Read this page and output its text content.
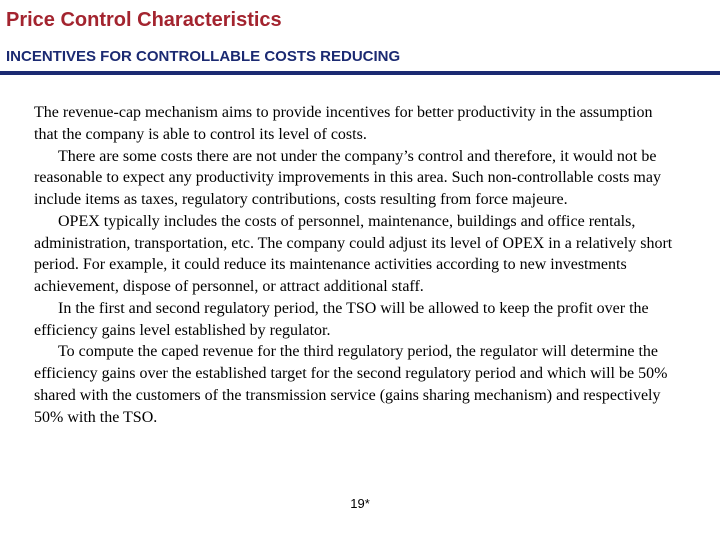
Price Control Characteristics
INCENTIVES FOR CONTROLLABLE COSTS REDUCING

The revenue-cap mechanism aims to provide incentives for better productivity in the assumption that the company is able to control its level of costs.

There are some costs there are not under the company’s control and therefore, it would not be reasonable to expect any productivity improvements in this area. Such non-controllable costs may include items as taxes, regulatory contributions, costs resulting from force majeure.

OPEX typically includes the costs of personnel, maintenance, buildings and office rentals, administration, transportation, etc. The company could adjust its level of OPEX in a relatively short period. For example, it could reduce its maintenance activities according to new investments achievement, dispose of personnel, or attract additional staff.

In the first and second regulatory period, the TSO will be allowed to keep the profit over the efficiency gains level established by regulator.

To compute the caped revenue for the third regulatory period, the regulator will determine the efficiency gains over the established target for the second regulatory period and which will be 50% shared with the customers of the transmission service (gains sharing mechanism) and respectively 50% with the TSO.

19*
